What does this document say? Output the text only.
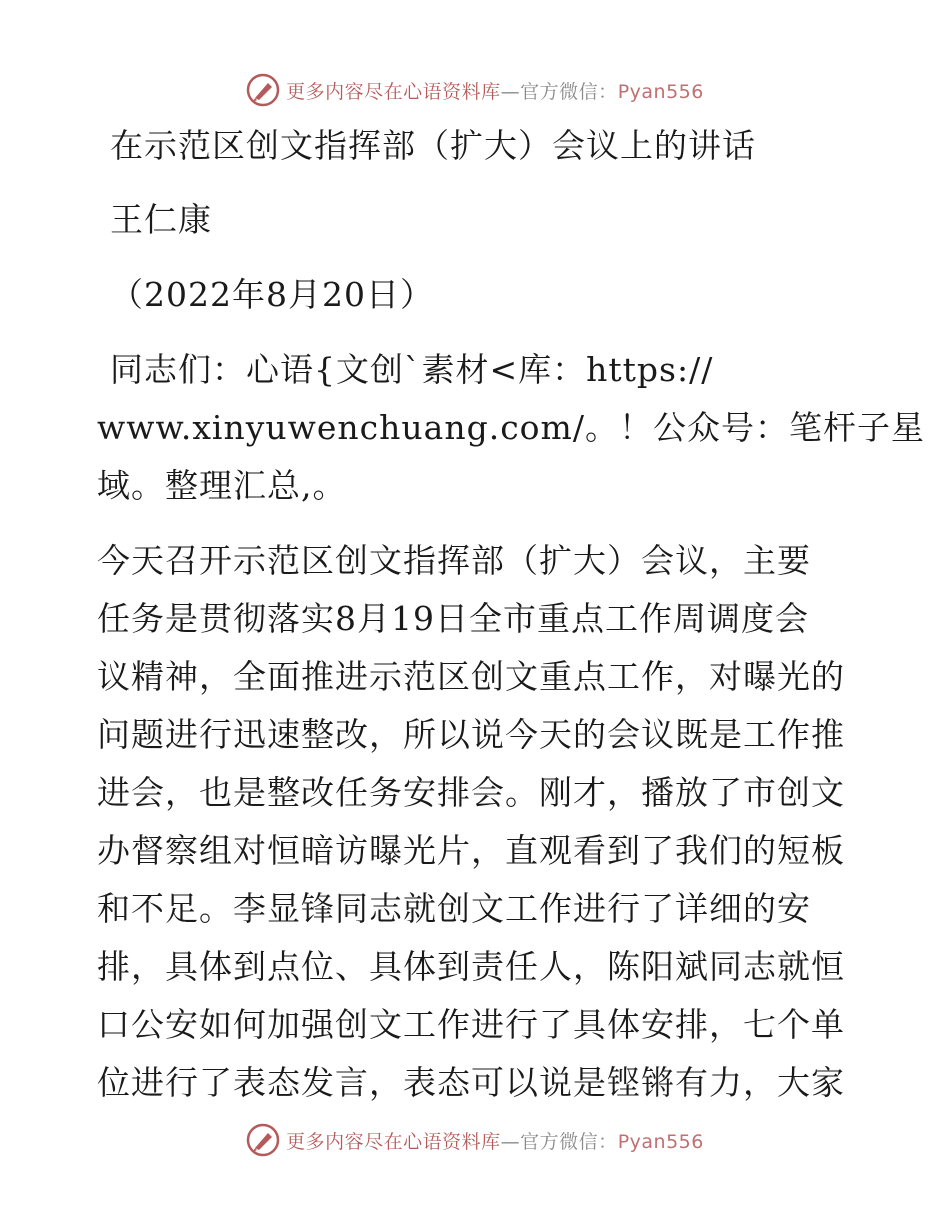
更多内容尽在心语资料库—官方微信：Pyan556
在示范区创文指挥部（扩大）会议上的讲话
王仁康
（2022年8月20日）
同志们：心语{文创`素材<库：https://
www.xinyuwenchuang.com/。！公众号：笔杆子星
域。整理汇总,。
今天召开示范区创文指挥部（扩大）会议，主要
任务是贯彻落实8月19日全市重点工作周调度会
议精神，全面推进示范区创文重点工作，对曝光的
问题进行迅速整改，所以说今天的会议既是工作推
进会，也是整改任务安排会。刚才，播放了市创文
办督察组对恒暗访曝光片，直观看到了我们的短板
和不足。李显锋同志就创文工作进行了详细的安
排，具体到点位、具体到责任人，陈阳斌同志就恒
口公安如何加强创文工作进行了具体安排，七个单
位进行了表态发言，表态可以说是铿锵有力，大家
更多内容尽在心语资料库—官方微信：Pyan556
